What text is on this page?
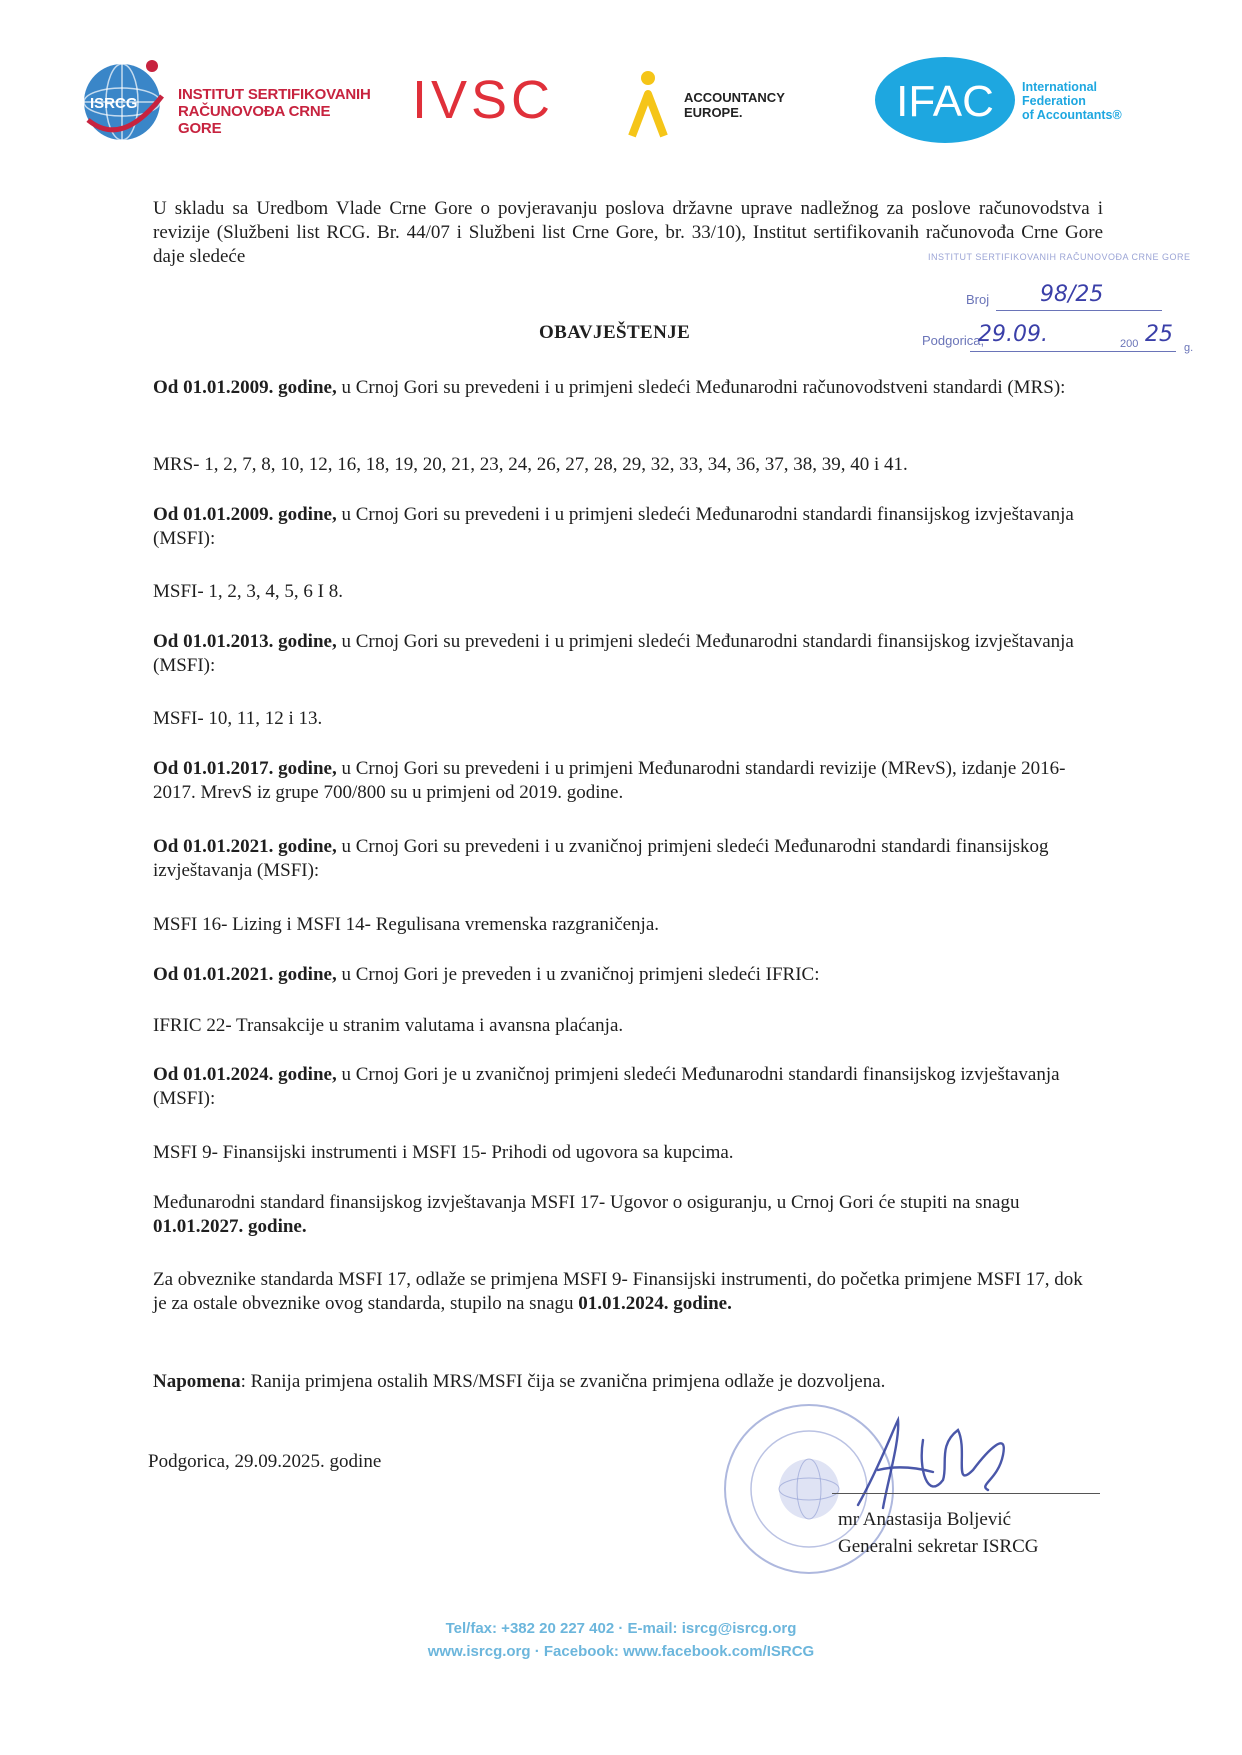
ISRCG
INSTITUT SERTIFIKOVANIH
RAČUNOVOĐA CRNE GORE	IVSC	ACCOUNTANCY
EUROPE.	IFAC International
Federation
of Accountants®

U skladu sa Uredbom Vlade Crne Gore o povjeravanju poslova državne uprave nadležnog za poslove računovodstva i revizije (Službeni list RCG. Br. 44/07 i Službeni list Crne Gore, br. 33/10), Institut sertifikovanih računovođa Crne Gore daje sledeće	INSTITUT SERTIFIKOVANIH RAČUNOVOĐA CRNE GORE
Broj 98/25
Podgorica,
29.09.	200 25
g.
OBAVJEŠTENJE

Od 01.01.2009. godine, u Crnoj Gori su prevedeni i u primjeni sledeći Međunarodni računovodstveni standardi (MRS):

MRS- 1, 2, 7, 8, 10, 12, 16, 18, 19, 20, 21, 23, 24, 26, 27, 28, 29, 32, 33, 34, 36, 37, 38, 39, 40 i 41.

Od 01.01.2009. godine, u Crnoj Gori su prevedeni i u primjeni sledeći Međunarodni standardi finansijskog izvještavanja (MSFI):

MSFI- 1, 2, 3, 4, 5, 6 I 8.

Od 01.01.2013. godine, u Crnoj Gori su prevedeni i u primjeni sledeći Međunarodni standardi finansijskog izvještavanja (MSFI):

MSFI- 10, 11, 12 i 13.

Od 01.01.2017. godine, u Crnoj Gori su prevedeni i u primjeni Međunarodni standardi revizije (MRevS), izdanje 2016-2017. MrevS iz grupe 700/800 su u primjeni od 2019. godine.

Od 01.01.2021. godine, u Crnoj Gori su prevedeni i u zvaničnoj primjeni sledeći Međunarodni standardi finansijskog izvještavanja (MSFI):

MSFI 16- Lizing i MSFI 14- Regulisana vremenska razgraničenja.

Od 01.01.2021. godine, u Crnoj Gori je preveden i u zvaničnoj primjeni sledeći IFRIC:

IFRIC 22- Transakcije u stranim valutama i avansna plaćanja.

Od 01.01.2024. godine, u Crnoj Gori je u zvaničnoj primjeni sledeći Međunarodni standardi finansijskog izvještavanja (MSFI):

MSFI 9- Finansijski instrumenti i MSFI 15- Prihodi od ugovora sa kupcima.

Međunarodni standard finansijskog izvještavanja MSFI 17- Ugovor o osiguranju, u Crnoj Gori će stupiti na snagu 01.01.2027. godine.

Za obveznike standarda MSFI 17, odlaže se primjena MSFI 9- Finansijski instrumenti, do početka primjene MSFI 17, dok je za ostale obveznike ovog standarda, stupilo na snagu 01.01.2024. godine.

Napomena: Ranija primjena ostalih MRS/MSFI čija se zvanična primjena odlaže je dozvoljena.

Podgorica, 29.09.2025. godine
mr Anastasija Boljević
Generalni sekretar ISRCG
Tel/fax: +382 20 227 402 · E-mail: isrcg@isrcg.org
www.isrcg.org · Facebook: www.facebook.com/ISRCG
